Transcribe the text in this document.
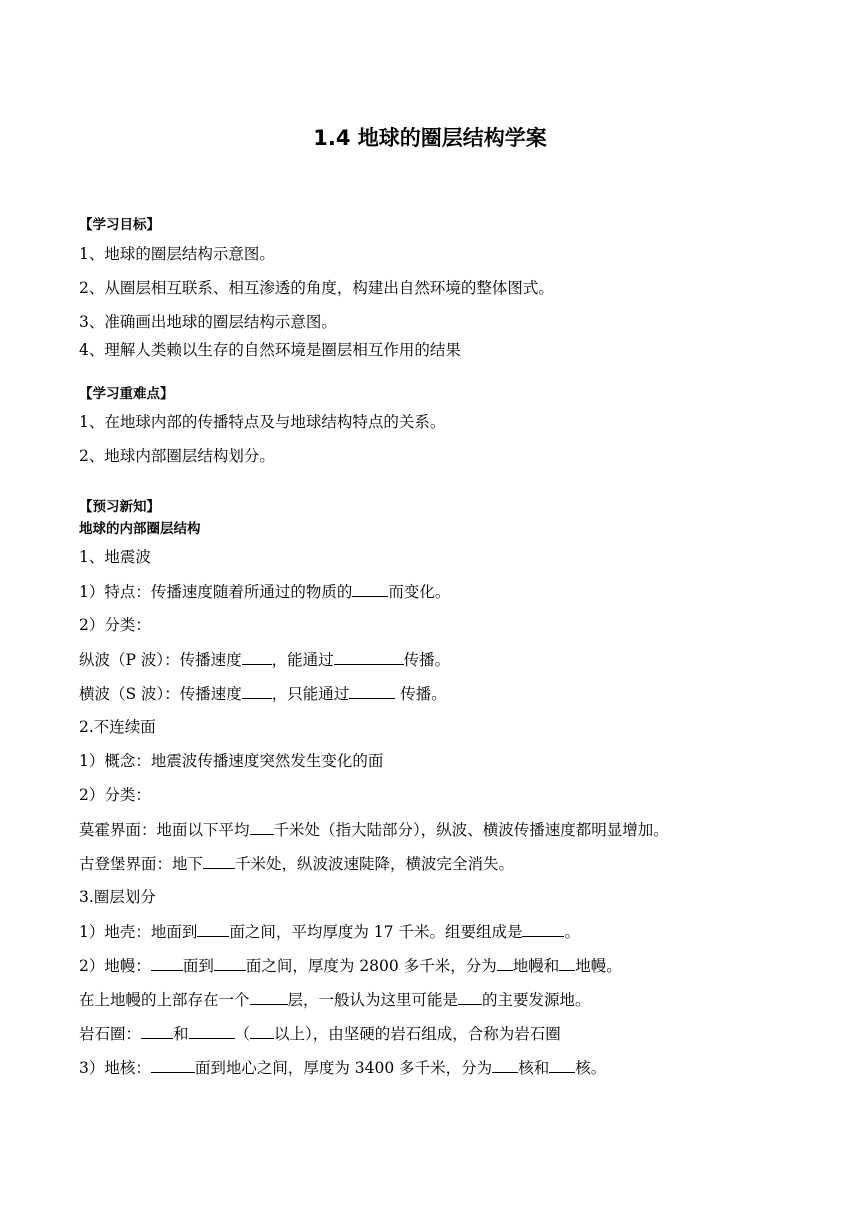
1.4 地球的圈层结构学案
【学习目标】
1、地球的圈层结构示意图。
2、从圈层相互联系、相互渗透的角度，构建出自然环境的整体图式。
3、准确画出地球的圈层结构示意图。
4、理解人类赖以生存的自然环境是圈层相互作用的结果
【学习重难点】
1、在地球内部的传播特点及与地球结构特点的关系。
2、地球内部圈层结构划分。
【预习新知】
地球的内部圈层结构
1、地震波
1）特点：传播速度随着所通过的物质的 而变化。
2）分类：
纵波（P 波）：传播速度 ，能通过	传播。
横波（S 波）：传播速度 ，只能通过	传播。
2.不连续面
1）概念：地震波传播速度突然发生变化的面
2）分类：
莫霍界面：地面以下平均 千米处（指大陆部分），纵波、横波传播速度都明显增加。
古登堡界面：地下 千米处，纵波波速陡降，横波完全消失。
3.圈层划分
1）地壳：地面到 面之间，平均厚度为 17 千米。组要组成是	。
2）地幔： 面到 面之间，厚度为 2800 多千米，分为 地幔和 地幔。
在上地幔的上部存在一个 层，一般认为这里可能是 的主要发源地。
岩石圈： 和	（ 以上），由坚硬的岩石组成，合称为岩石圈
3）地核：	面到地心之间，厚度为 3400 多千米，分为 核和 核。
